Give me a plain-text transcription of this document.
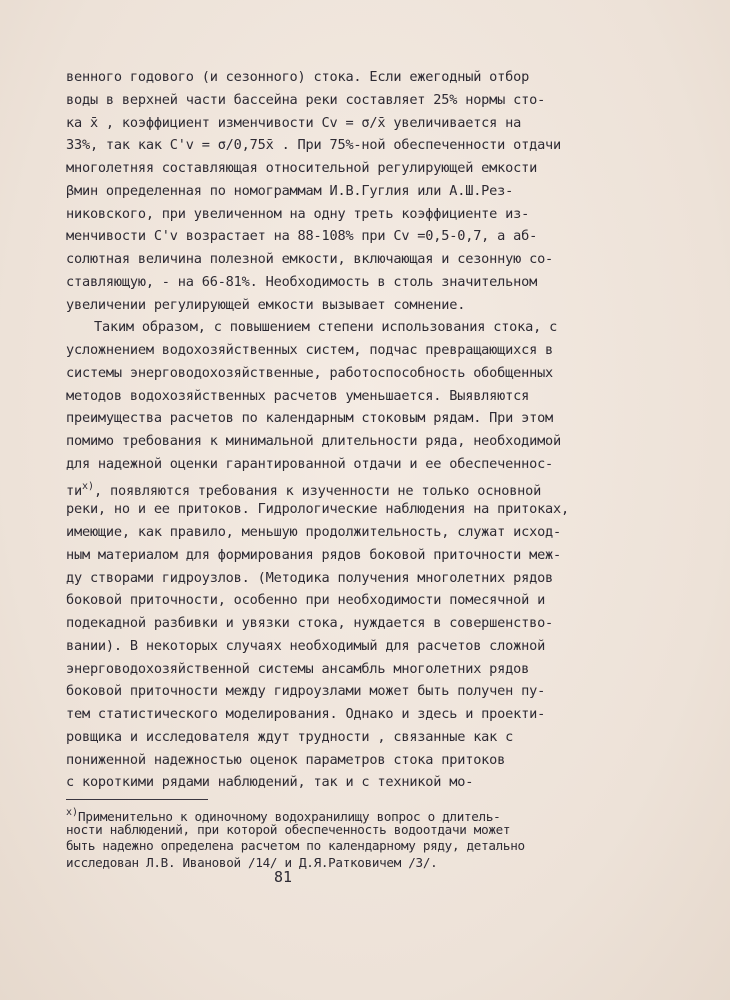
венного годового (и сезонного) стока. Если ежегодный отбор
воды в верхней части бассейна реки составляет 25% нормы сто-
ка x̄ , коэффициент изменчивости Cv = σ/x̄ увеличивается на
33%, так как C'v = σ/0,75x̄ . При 75%-ной обеспеченности отдачи
многолетняя составляющая относительной регулирующей емкости
βмин определенная по номограммам И.В.Гуглия или А.Ш.Рез-
никовского, при увеличенном на одну треть коэффициенте из-
менчивости C'v возрастает на 88-108% при Cv =0,5-0,7, а аб-
солютная величина полезной емкости, включающая и сезонную со-
ставляющую, - на 66-81%. Необходимость в столь значительном
увеличении регулирующей емкости вызывает сомнение.
Таким образом, с повышением степени использования стока, с
усложнением водохозяйственных систем, подчас превращающихся в
системы энерговодохозяйственные, работоспособность обобщенных
методов водохозяйственных расчетов уменьшается. Выявляются
преимущества расчетов по календарным стоковым рядам. При этом
помимо требования к минимальной длительности ряда, необходимой
для надежной оценки гарантированной отдачи и ее обеспеченнос-
$ти^{x)}$, появляются требования к изученности не только основной
реки, но и ее притоков. Гидрологические наблюдения на притоках,
имеющие, как правило, меньшую продолжительность, служат исход-
ным материалом для формирования рядов боковой приточности меж-
ду створами гидроузлов. (Методика получения многолетних рядов
боковой приточности, особенно при необходимости помесячной и
подекадной разбивки и увязки стока, нуждается в совершенство-
вании). В некоторых случаях необходимый для расчетов сложной
энерговодохозяйственной системы ансамбль многолетних рядов
боковой приточности между гидроузлами может быть получен пу-
тем статистического моделирования. Однако и здесь и проекти-
ровщика и исследователя ждут трудности , связанные как с
пониженной надежностью оценок параметров стока притоков
с короткими рядами наблюдений, так и с техникой мо-
$^{x)}$Применительно к одиночному водохранилищу вопрос о длитель-
ности наблюдений, при которой обеспеченность водоотдачи может
быть надежно определена расчетом по календарному ряду, детально
исследован Л.В. Ивановой /14/ и Д.Я.Ратковичем /3/.
81
